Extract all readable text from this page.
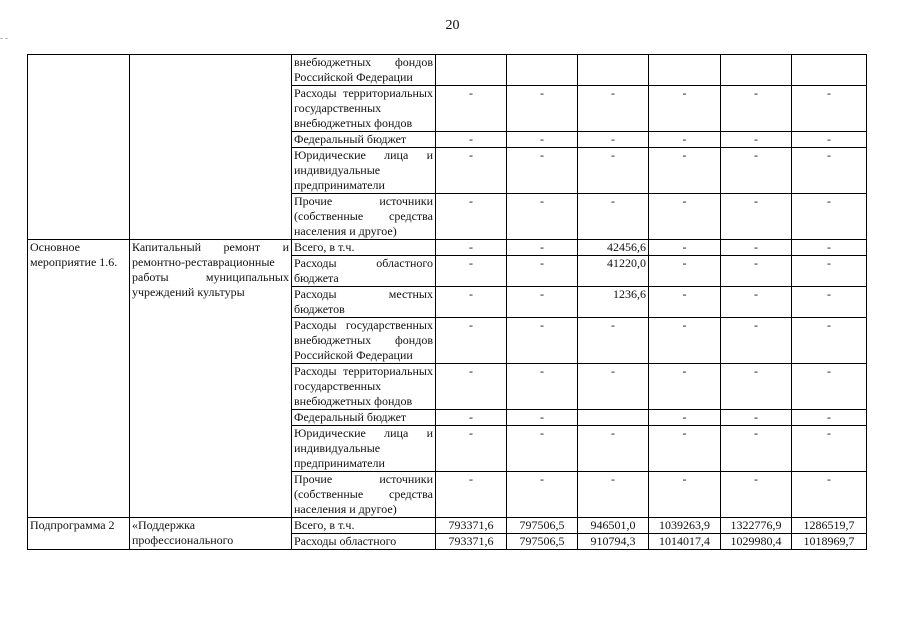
20
		внебюджетных фондов Российской Федерации						
		Расходы территориальных государственных внебюджетных фондов	-	-	-	-	-	-
		Федеральный бюджет	-	-	-	-	-	-
		Юридические лица и индивидуальные предприниматели	-	-	-	-	-	-
		Прочие источники (собственные средства населения и другое)	-	-	-	-	-	-
Основное мероприятие 1.6.	Капитальный ремонт и ремонтно-реставрационные работы муниципальных учреждений культуры	Всего, в т.ч.	-	-	42456,6	-	-	-
		Расходы областного бюджета	-	-	41220,0	-	-	-
		Расходы местных бюджетов	-	-	1236,6	-	-	-
		Расходы государственных внебюджетных фондов Российской Федерации	-	-	-	-	-	-
		Расходы территориальных государственных внебюджетных фондов	-	-	-	-	-	-
		Федеральный бюджет	-	-		-	-	-
		Юридические лица и индивидуальные предприниматели	-	-	-	-	-	-
		Прочие источники (собственные средства населения и другое)	-	-	-	-	-	-
Подпрограмма 2	«Поддержка профессионального	Всего, в т.ч.	793371,6	797506,5	946501,0	1039263,9	1322776,9	1286519,7
		Расходы областного	793371,6	797506,5	910794,3	1014017,4	1029980,4	1018969,7
